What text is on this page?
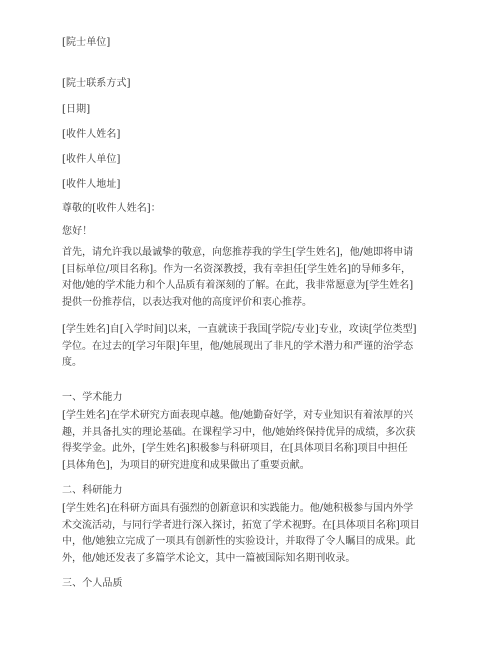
[院士单位]
[院士联系方式]
[日期]
[收件人姓名]
[收件人单位]
[收件人地址]
尊敬的[收件人姓名]：
您好！
首先，请允许我以最诚挚的敬意，向您推荐我的学生[学生姓名]，他/她即将申请
[目标单位/项目名称]。作为一名资深教授，我有幸担任[学生姓名]的导师多年，
对他/她的学术能力和个人品质有着深刻的了解。在此，我非常愿意为[学生姓名]
提供一份推荐信，以表达我对他的高度评价和衷心推荐。
[学生姓名]自[入学时间]以来，一直就读于我国[学院/专业]专业，攻读[学位类型]
学位。在过去的[学习年限]年里，他/她展现出了非凡的学术潜力和严谨的治学态
度。
一、学术能力
[学生姓名]在学术研究方面表现卓越。他/她勤奋好学，对专业知识有着浓厚的兴
趣，并具备扎实的理论基础。在课程学习中，他/她始终保持优异的成绩，多次获
得奖学金。此外，[学生姓名]积极参与科研项目，在[具体项目名称]项目中担任
[具体角色]，为项目的研究进度和成果做出了重要贡献。
二、科研能力
[学生姓名]在科研方面具有强烈的创新意识和实践能力。他/她积极参与国内外学
术交流活动，与同行学者进行深入探讨，拓宽了学术视野。在[具体项目名称]项目
中，他/她独立完成了一项具有创新性的实验设计，并取得了令人瞩目的成果。此
外，他/她还发表了多篇学术论文，其中一篇被国际知名期刊收录。
三、个人品质
